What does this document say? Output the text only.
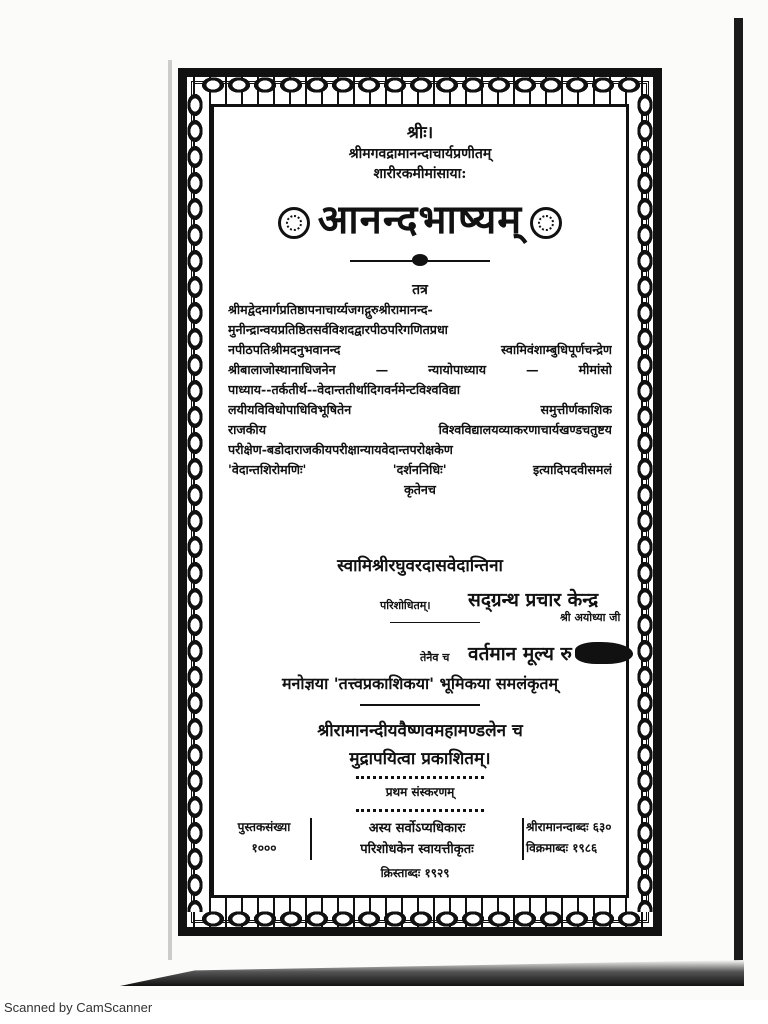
श्रीः।
श्रीमगवद्रामानन्दाचार्यप्रणीतम्
शारीरकमीमांसाया:
आनन्दभाष्यम्
तत्र
श्रीमद्वेदमार्गप्रतिष्ठापनाचार्य्यजगद्गुरुश्रीरामानन्द-
मुनीन्द्रान्वयप्रतिष्ठितसर्वविशदद्वारपीठपरिगणितप्रधा
नपीठपतिश्रीमदनुभवानन्द स्वामिवंशाम्बुधिपूर्णचन्द्रेण
श्रीबालाजोस्थानाधिजनेन — न्यायोपाध्याय — मीमांसो
पाध्याय--तर्कतीर्थ--वेदान्ततीर्थादिगवर्नमेन्टविश्वविद्या
लयीयविविधोपाधिविभूषितेन समुत्तीर्णकाशिक
राजकीय विश्वविद्यालयव्याकरणाचार्यखण्डचतुष्टय
परीक्षेण-बडोदाराजकीयपरीक्षान्यायवेदान्तपरोक्षकेण
'वेदान्तशिरोमणिः' 'दर्शननिधिः' इत्यादिपदवीसमलं
कृतेनच
स्वामिश्रीरघुवरदासवेदान्तिना
सद्ग्रन्थ प्रचार केन्द्र
परिशोधितम्।
श्री अयोध्या जी
तेनैव च वर्तमान मूल्य रु
मनोज्ञया 'तत्त्वप्रकाशिकया' भूमिकया समलंकृतम्
श्रीरामानन्दीयवैष्णवमहामण्डलेन च
मुद्रापयित्वा प्रकाशितम्।
प्रथम संस्करणम्
पुस्तकसंख्या
१०००
अस्य सर्वोऽप्यधिकारः
परिशोधकेन स्वायत्तीकृतः
श्रीरामानन्दाब्दः ६३०
विक्रमाब्दः १९८६
क्रिस्ताब्दः १९२९
Scanned by CamScanner
